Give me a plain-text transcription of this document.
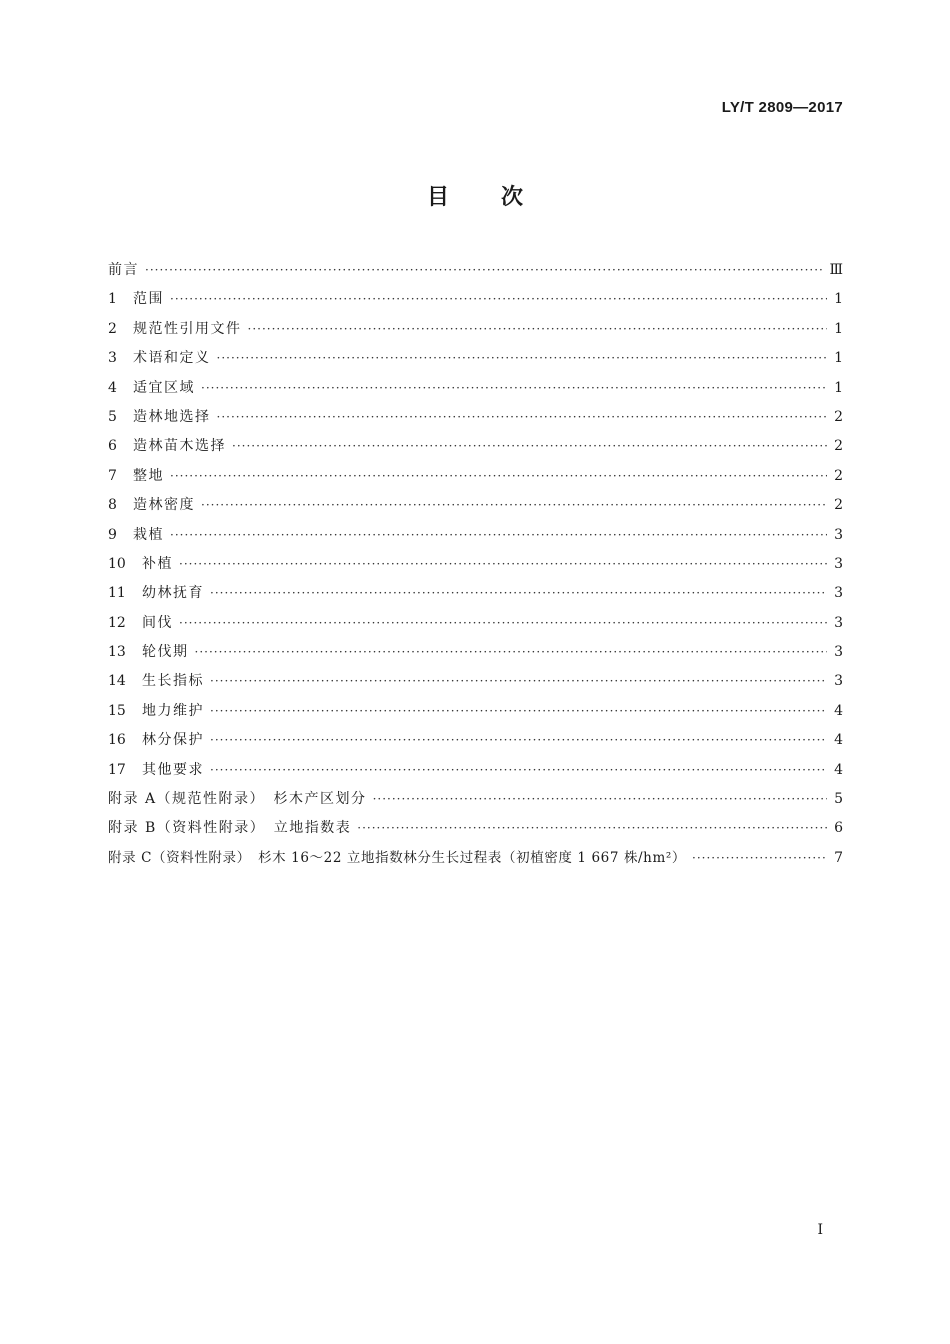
LY/T 2809—2017
目 次
前言 ·····	Ⅲ
1	范围 ·····	1
2	规范性引用文件 ·····	1
3	术语和定义 ·····	1
4	适宜区域 ·····	1
5	造林地选择 ·····	2
6	造林苗木选择 ·····	2
7	整地 ·····	2
8	造林密度 ·····	2
9	栽植 ·····	3
10	补植 ·····	3
11	幼林抚育 ·····	3
12	间伐 ·····	3
13	轮伐期 ·····	3
14	生长指标 ·····	3
15	地力维护 ·····	4
16	林分保护 ·····	4
17	其他要求 ·····	4
附录 A（规范性附录）　杉木产区划分 ·····	5
附录 B（资料性附录）　立地指数表 ·····	6
附录 C（资料性附录）　杉木 16～22 立地指数林分生长过程表（初植密度 1 667 株/hm²） ·····	7
I
